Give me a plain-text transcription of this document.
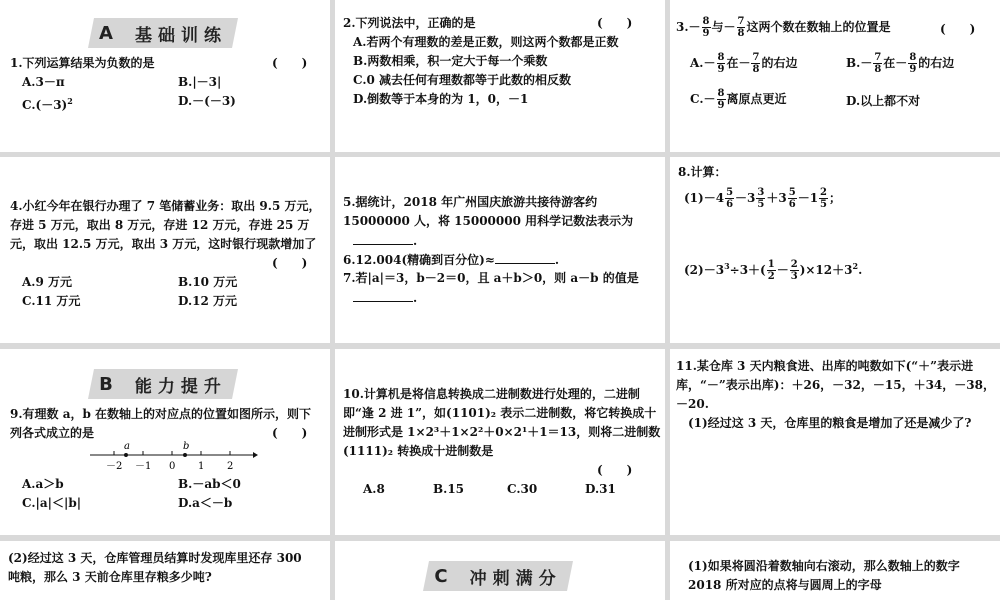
A 基础训练
1.下列运算结果为负数的是	(　　)
A.3－π	B.|－3|
$C.(-3)^2$	D.－(－3)
2.下列说法中，正确的是	(　　)
A.若两个有理数的差是正数，则这两个数都是正数
B.两数相乘，积一定大于每一个乘数
C.0 减去任何有理数都等于此数的相反数
D.倒数等于本身的为 1，0，－1
$3.- \frac{8}{9}$ 与－ $\frac{7}{8}$ 这两个数在数轴上的位置是	(　　)
$A.- \frac{8}{9}$ 在－ $\frac{7}{8}$ 的右边	$B.- \frac{7}{8}$ 在－ $\frac{8}{9}$ 的右边
$C.- \frac{8}{9}$ 离原点更近	D.以上都不对
4.小红今年在银行办理了 7 笔储蓄业务：取出 9.5 万元，存进 5 万元，取出 8 万元，存进 12 万元，存进 25 万元，取出 12.5 万元，取出 3 万元，这时银行现款增加了
(　　)
A.9 万元	B.10 万元
C.11 万元	D.12 万元
5.据统计，2018 年广州国庆旅游共接待游客约 15000000 人，将 15000000 用科学记数法表示为
.
6.12.004(精确到百分位)≈	.
7.若|a|＝3，b－2＝0，且 a＋b＞0，则 a－b 的值是
.
8.计算：
$(1)-4 \frac{5}{6} -3 \frac{3}{5} +3 \frac{5}{6} -1 \frac{2}{5}$ ；
$(2)-3^3\div 3+( \frac{1}{2} - \frac{2}{3} )\times 12+3^2$.
B 能力提升
9.有理数 a，b 在数轴上的对应点的位置如图所示，则下列各式成立的是	(　　)
a	b
－2 －1 0 1 2
A.a＞b	B.－ab＜0
C.|a|＜|b|	D.a＜－b
10.计算机是将信息转换成二进制数进行处理的，二进制即“逢 2 进 1”，如(1101)₂ 表示二进制数，将它转换成十进制形式是 1×2³＋1×2²＋0×2¹＋1＝13，则将二进制数(1111)₂ 转换成十进制数是
(　　)
A.8	B.15	C.30	D.31
11.某仓库 3 天内粮食进、出库的吨数如下(“＋”表示进库，“－”表示出库)：＋26，－32，－15，＋34，－38，－20.
(1)经过这 3 天，仓库里的粮食是增加了还是减少了?
(2)经过这 3 天，仓库管理员结算时发现库里还存 300 吨粮，那么 3 天前仓库里存粮多少吨?	C 冲刺满分
(1)如果将圆沿着数轴向右滚动，那么数轴上的数字 2018 所对应的点将与圆周上的字母
